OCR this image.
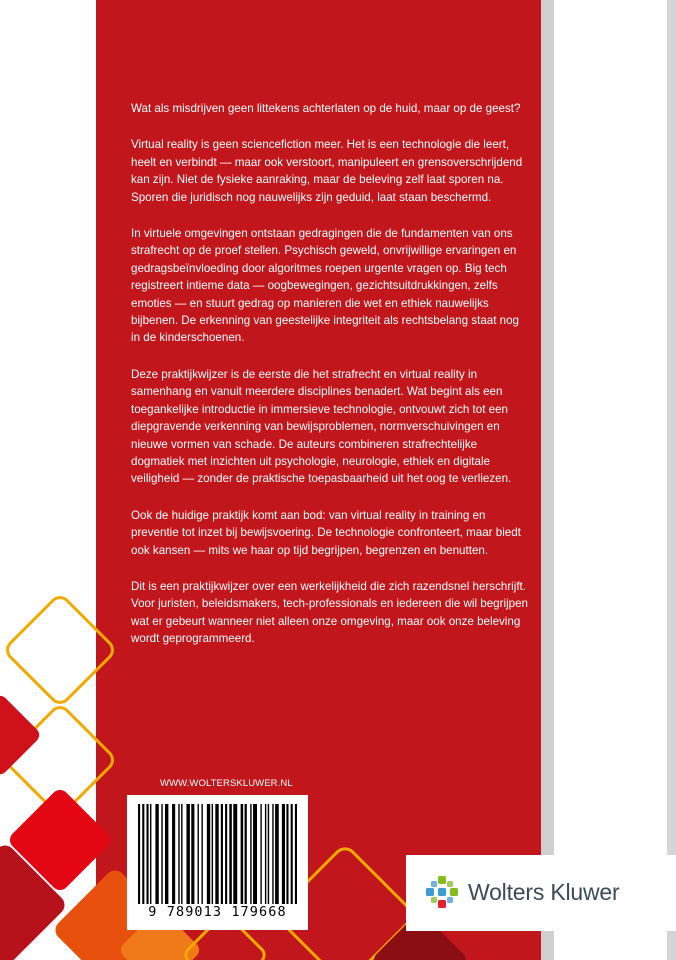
Wat als misdrijven geen littekens achterlaten op de huid, maar op de geest?

Virtual reality is geen sciencefiction meer. Het is een technologie die leert, heelt en verbindt — maar ook verstoort, manipuleert en grensoverschrijdend kan zijn. Niet de fysieke aanraking, maar de beleving zelf laat sporen na. Sporen die juridisch nog nauwelijks zijn geduid, laat staan beschermd.

In virtuele omgevingen ontstaan gedragingen die de fundamenten van ons strafrecht op de proef stellen. Psychisch geweld, onvrijwillige ervaringen en gedragsbeïnvloeding door algoritmes roepen urgente vragen op. Big tech registreert intieme data — oogbewegingen, gezichtsuitdrukkingen, zelfs emoties — en stuurt gedrag op manieren die wet en ethiek nauwelijks bijbenen. De erkenning van geestelijke integriteit als rechtsbelang staat nog in de kinderschoenen.

Deze praktijkwijzer is de eerste die het strafrecht en virtual reality in samenhang en vanuit meerdere disciplines benadert. Wat begint als een toegankelijke introductie in immersieve technologie, ontvouwt zich tot een diepgravende verkenning van bewijsproblemen, normverschuivingen en nieuwe vormen van schade. De auteurs combineren strafrechtelijke dogmatiek met inzichten uit psychologie, neurologie, ethiek en digitale veiligheid — zonder de praktische toepasbaarheid uit het oog te verliezen.

Ook de huidige praktijk komt aan bod: van virtual reality in training en preventie tot inzet bij bewijsvoering. De technologie confronteert, maar biedt ook kansen — mits we haar op tijd begrijpen, begrenzen en benutten.

Dit is een praktijkwijzer over een werkelijkheid die zich razendsnel herschrijft. Voor juristen, beleidsmakers, tech-professionals en iedereen die wil begrijpen wat er gebeurt wanneer niet alleen onze omgeving, maar ook onze beleving wordt geprogrammeerd.

WWW.WOLTERSKLUWER.NL
9 789013 179668
Wolters Kluwer
